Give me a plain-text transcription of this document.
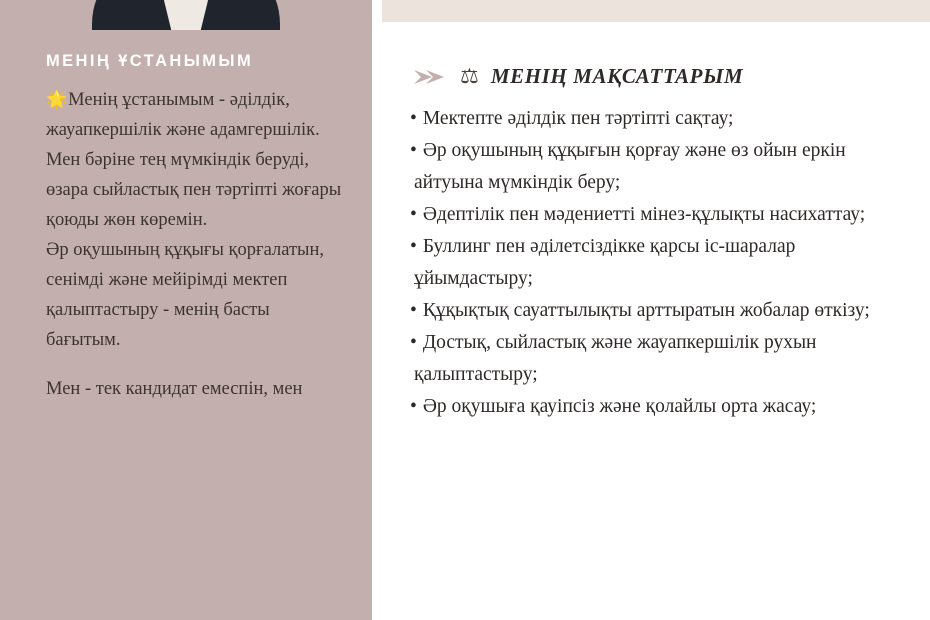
МЕНІҢ ҰСТАНЫМЫМ

🌟Менің ұстанымым - әділдік, жауапкершілік және адамгершілік.

Мен бәріне тең мүмкіндік беруді, өзара сыйластық пен тәртіпті жоғары қоюды жөн көремін.

Әр оқушының құқығы қорғалатын, сенімді және мейірімді мектеп қалыптастыру - менің басты бағытым.

Мен - тек кандидат емеспін, мен

⚖ МЕНІҢ МАҚСАТТАРЫМ
• Мектепте әділдік пен тәртіпті сақтау;
• Әр оқушының құқығын қорғау және өз ойын еркін айтуына мүмкіндік беру;
• Әдептілік пен мәдениетті мінез-құлықты насихаттау;
• Буллинг пен әділетсіздікке қарсы іс-шаралар ұйымдастыру;
• Құқықтық сауаттылықты арттыратын жобалар өткізу;
• Достық, сыйластық және жауапкершілік рухын қалыптастыру;
• Әр оқушыға қауіпсіз және қолайлы орта жасау;
